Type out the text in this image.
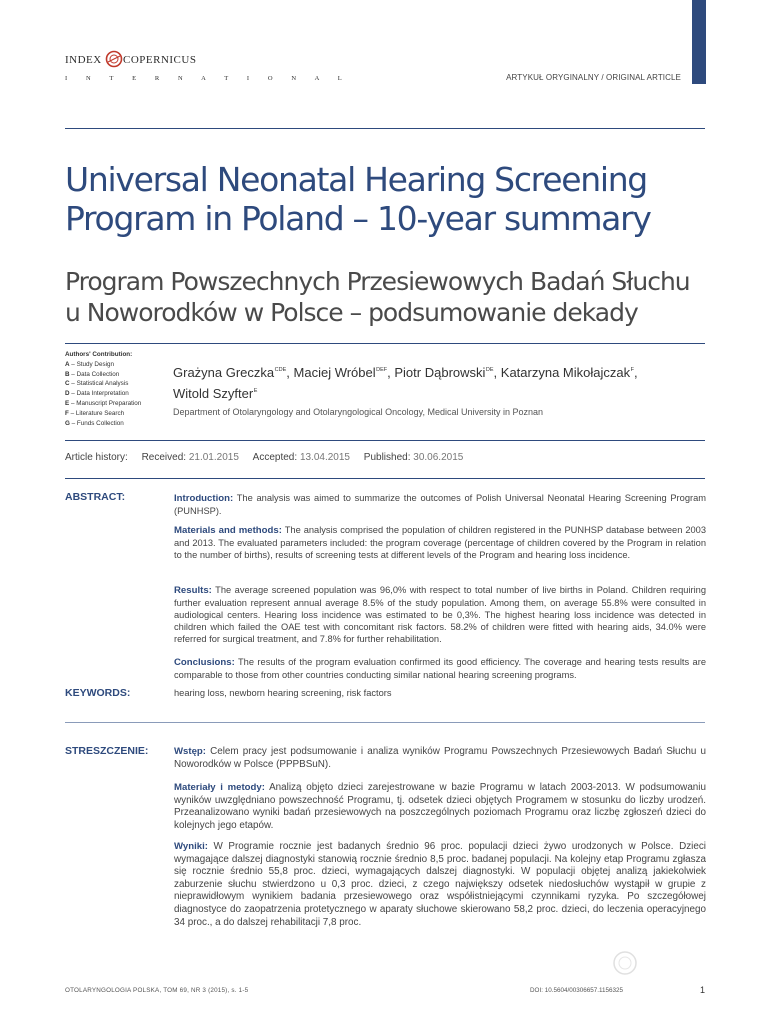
INDEX COPERNICUS
I N T E R N A T I O N A L	ARTYKUŁ ORYGINALNY / ORIGINAL ARTICLE
Universal Neonatal Hearing Screening Program in Poland – 10-year summary
Program Powszechnych Przesiewowych Badań Słuchu u Noworodków w Polsce – podsumowanie dekady
Authors' Contribution:
A – Study Design
B – Data Collection
C – Statistical Analysis
D – Data Interpretation
E – Manuscript Preparation
F – Literature Search
G – Funds Collection
Grażyna Greczka$^{CDE}$, Maciej Wróbel$^{DEF}$, Piotr Dąbrowski$^{DE}$, Katarzyna Mikołajczak$^F$,
Witold Szyfter$^E$
Department of Otolaryngology and Otolaryngological Oncology, Medical University in Poznan
Article history: Received: 21.01.2015 Accepted: 13.04.2015 Published: 30.06.2015
ABSTRACT:	Introduction: The analysis was aimed to summarize the outcomes of Polish Universal Neonatal Hearing Screening Program (PUNHSP).
Materials and methods: The analysis comprised the population of children registered in the PUNHSP database between 2003 and 2013. The evaluated parameters included: the program coverage (percentage of children covered by the Program in relation to the number of births), results of screening tests at different levels of the Program and hearing loss incidence.
Results: The average screened population was 96,0% with respect to total number of live births in Poland. Children requiring further evaluation represent annual average 8.5% of the study population. Among them, on average 55.8% were consulted in audiological centers. Hearing loss incidence was estimated to be 0,3%. The highest hearing loss incidence was detected in children which failed the OAE test with concomitant risk factors. 58.2% of children were fitted with hearing aids, 34.0% were referred for surgical treatment, and 7.8% for further rehabilitation.
Conclusions: The results of the program evaluation confirmed its good efficiency. The coverage and hearing tests results are comparable to those from other countries conducting similar national hearing screening programs.
KEYWORDS:	hearing loss, newborn hearing screening, risk factors
STRESZCZENIE:	Wstęp: Celem pracy jest podsumowanie i analiza wyników Programu Powszechnych Przesiewowych Badań Słuchu u Noworodków w Polsce (PPPBSuN).
Materiały i metody: Analizą objęto dzieci zarejestrowane w bazie Programu w latach 2003-2013. W podsumowaniu wyników uwzględniano powszechność Programu, tj. odsetek dzieci objętych Programem w stosunku do liczby urodzeń. Przeanalizowano wyniki badań przesiewowych na poszczególnych poziomach Programu oraz liczbę zgłoszeń dzieci do kolejnych jego etapów.
Wyniki: W Programie rocznie jest badanych średnio 96 proc. populacji dzieci żywo urodzonych w Polsce. Dzieci wymagające dalszej diagnostyki stanowią rocznie średnio 8,5 proc. badanej populacji. Na kolejny etap Programu zgłasza się rocznie średnio 55,8 proc. dzieci, wymagających dalszej diagnostyki. W populacji objętej analizą jakiekolwiek zaburzenie słuchu stwierdzono u 0,3 proc. dzieci, z czego największy odsetek niedosłuchów wystąpił w grupie z nieprawidłowym wynikiem badania przesiewowego oraz współistniejącymi czynnikami ryzyka. Po szczegółowej diagnostyce do zaopatrzenia protetycznego w aparaty słuchowe skierowano 58,2 proc. dzieci, do leczenia operacyjnego 34 proc., a do dalszej rehabilitacji 7,8 proc.
OTOLARYNGOLOGIA POLSKA, TOM 69, NR 3 (2015), s. 1-5	DOI: 10.5604/00306657.1156325	1
